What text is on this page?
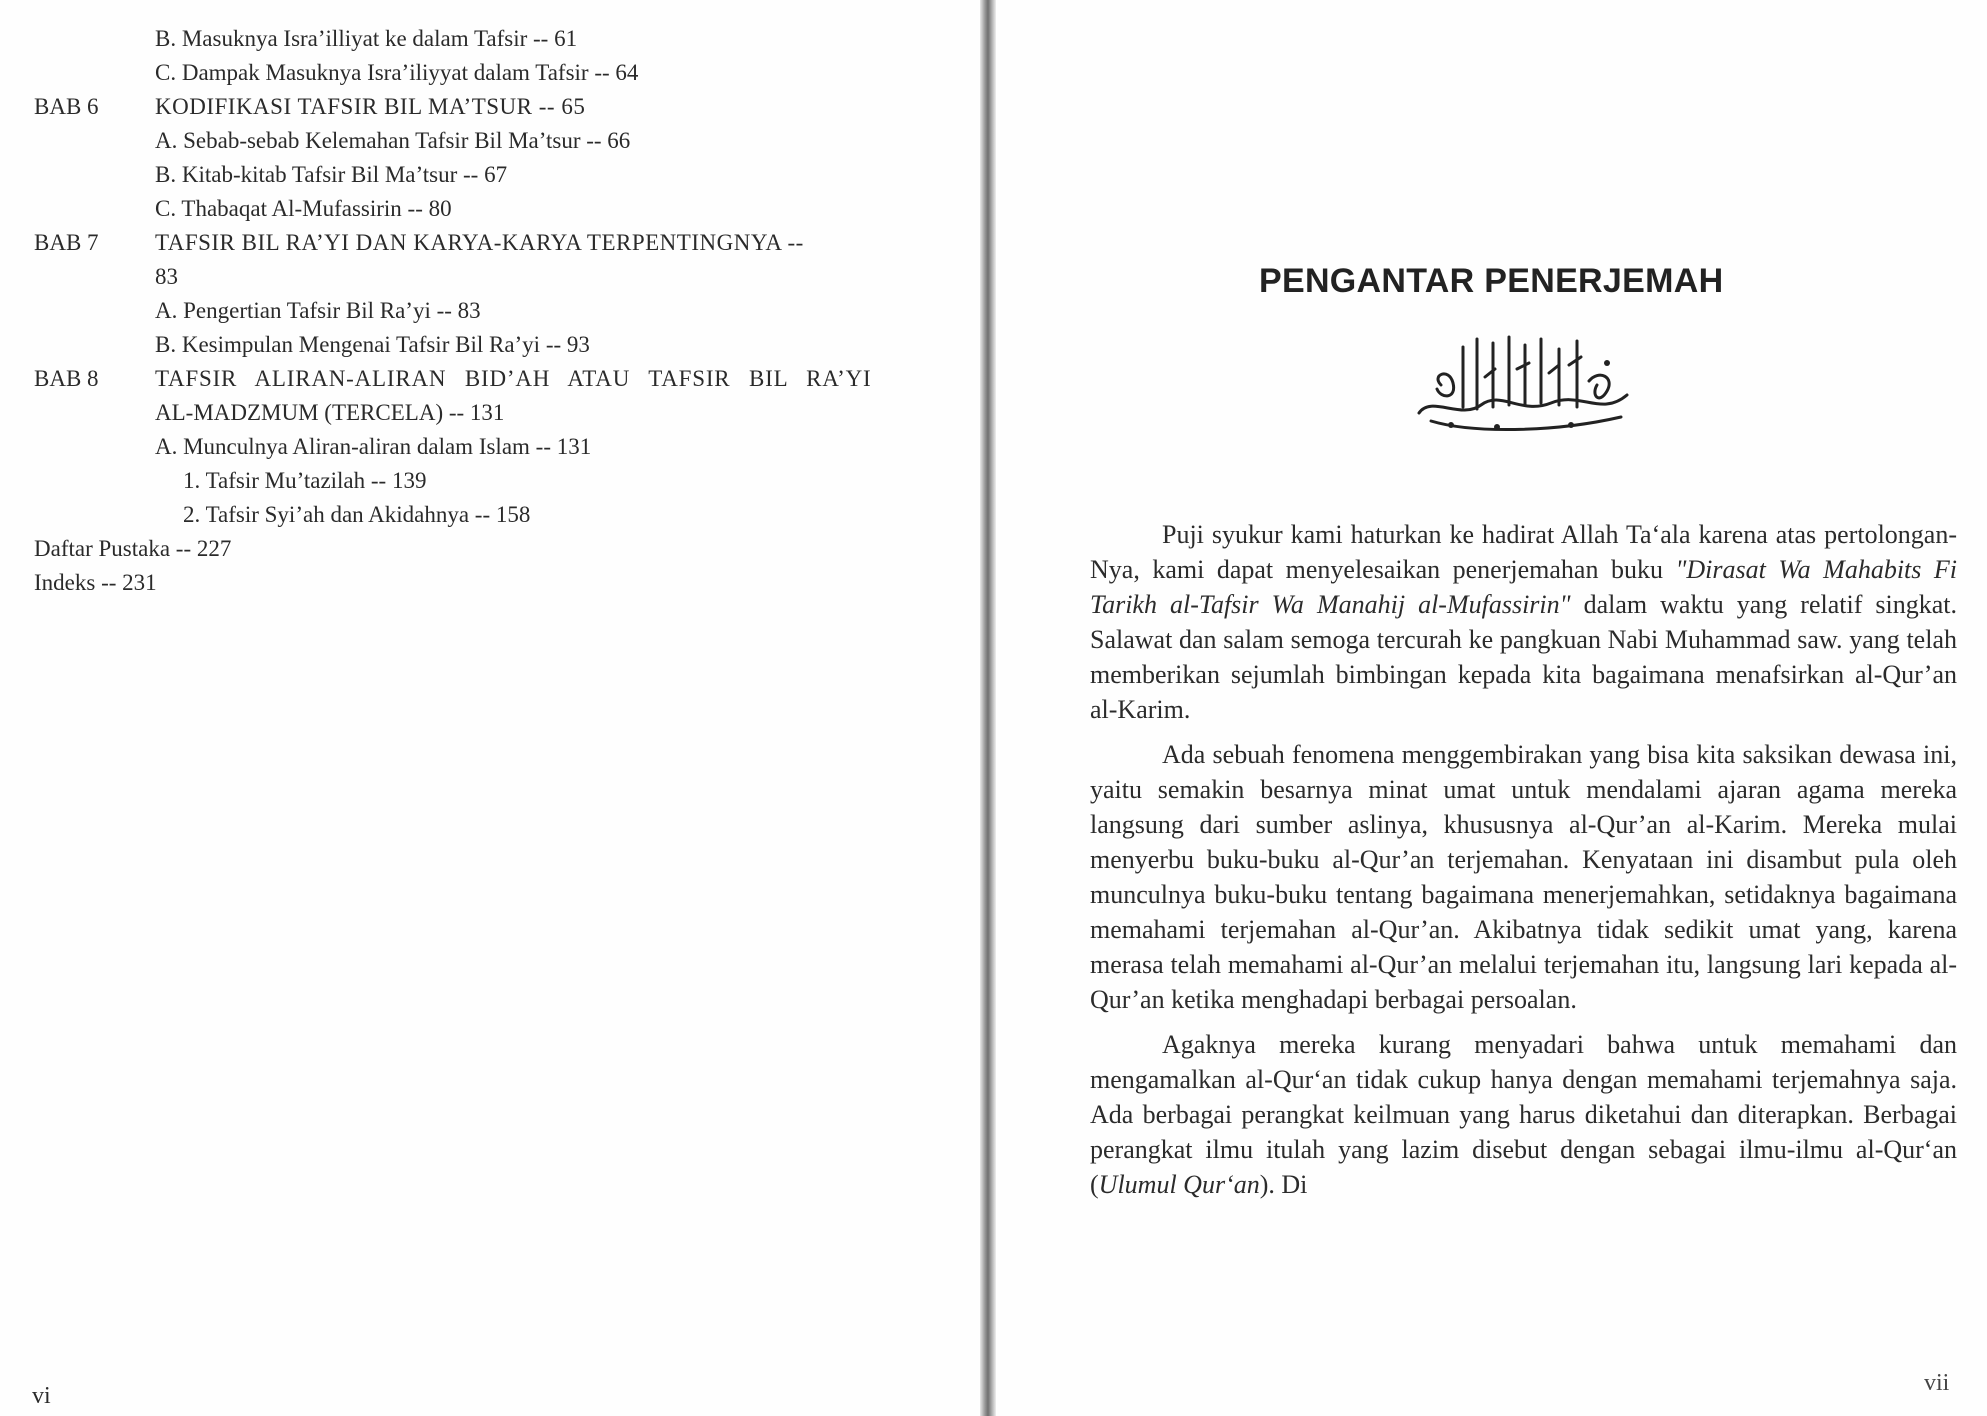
B. Masuknya Isra’illiyat ke dalam Tafsir -- 61
C. Dampak Masuknya Isra’iliyyat dalam Tafsir -- 64
BAB 6 KODIFIKASI TAFSIR BIL MA’TSUR -- 65
A. Sebab-sebab Kelemahan Tafsir Bil Ma’tsur -- 66
B. Kitab-kitab Tafsir Bil Ma’tsur -- 67
C. Thabaqat Al-Mufassirin -- 80
BAB 7 TAFSIR BIL RA’YI DAN KARYA-KARYA TERPENTINGNYA --
83
A. Pengertian Tafsir Bil Ra’yi -- 83
B. Kesimpulan Mengenai Tafsir Bil Ra’yi -- 93
BAB 8 TAFSIR ALIRAN-ALIRAN BID’AH ATAU TAFSIR BIL RA’YI
AL-MADZMUM (TERCELA) -- 131
A. Munculnya Aliran-aliran dalam Islam -- 131
1. Tafsir Mu’tazilah -- 139
2. Tafsir Syi’ah dan Akidahnya -- 158
Daftar Pustaka -- 227
Indeks -- 231
vi
PENGANTAR PENERJEMAH

Puji syukur kami haturkan ke hadirat Allah Ta‘ala karena atas pertolongan-Nya, kami dapat menyelesaikan penerjemahan buku "Dirasat Wa Mahabits Fi Tarikh al-Tafsir Wa Manahij al-Mufassirin" dalam waktu yang relatif singkat. Salawat dan salam semoga tercurah ke pangkuan Nabi Muhammad saw. yang telah memberikan sejumlah bimbingan kepada kita bagaimana menafsirkan al-Qur’an al-Karim.

Ada sebuah fenomena menggembirakan yang bisa kita saksikan dewasa ini, yaitu semakin besarnya minat umat untuk mendalami ajaran agama mereka langsung dari sumber aslinya, khususnya al-Qur’an al-Karim. Mereka mulai menyerbu buku-buku al-Qur’an terjemahan. Kenyataan ini disambut pula oleh munculnya buku-buku tentang bagaimana menerjemahkan, setidaknya bagaimana memahami terjemahan al-Qur’an. Akibatnya tidak sedikit umat yang, karena merasa telah memahami al-Qur’an melalui terjemahan itu, langsung lari kepada al-Qur’an ketika menghadapi berbagai persoalan.

Agaknya mereka kurang menyadari bahwa untuk memahami dan mengamalkan al-Qur‘an tidak cukup hanya dengan memahami terjemahnya saja. Ada berbagai perangkat keilmuan yang harus diketahui dan diterapkan. Berbagai perangkat ilmu itulah yang lazim disebut dengan sebagai ilmu-ilmu al-Qur‘an (Ulumul Qur‘an). Di

vii
